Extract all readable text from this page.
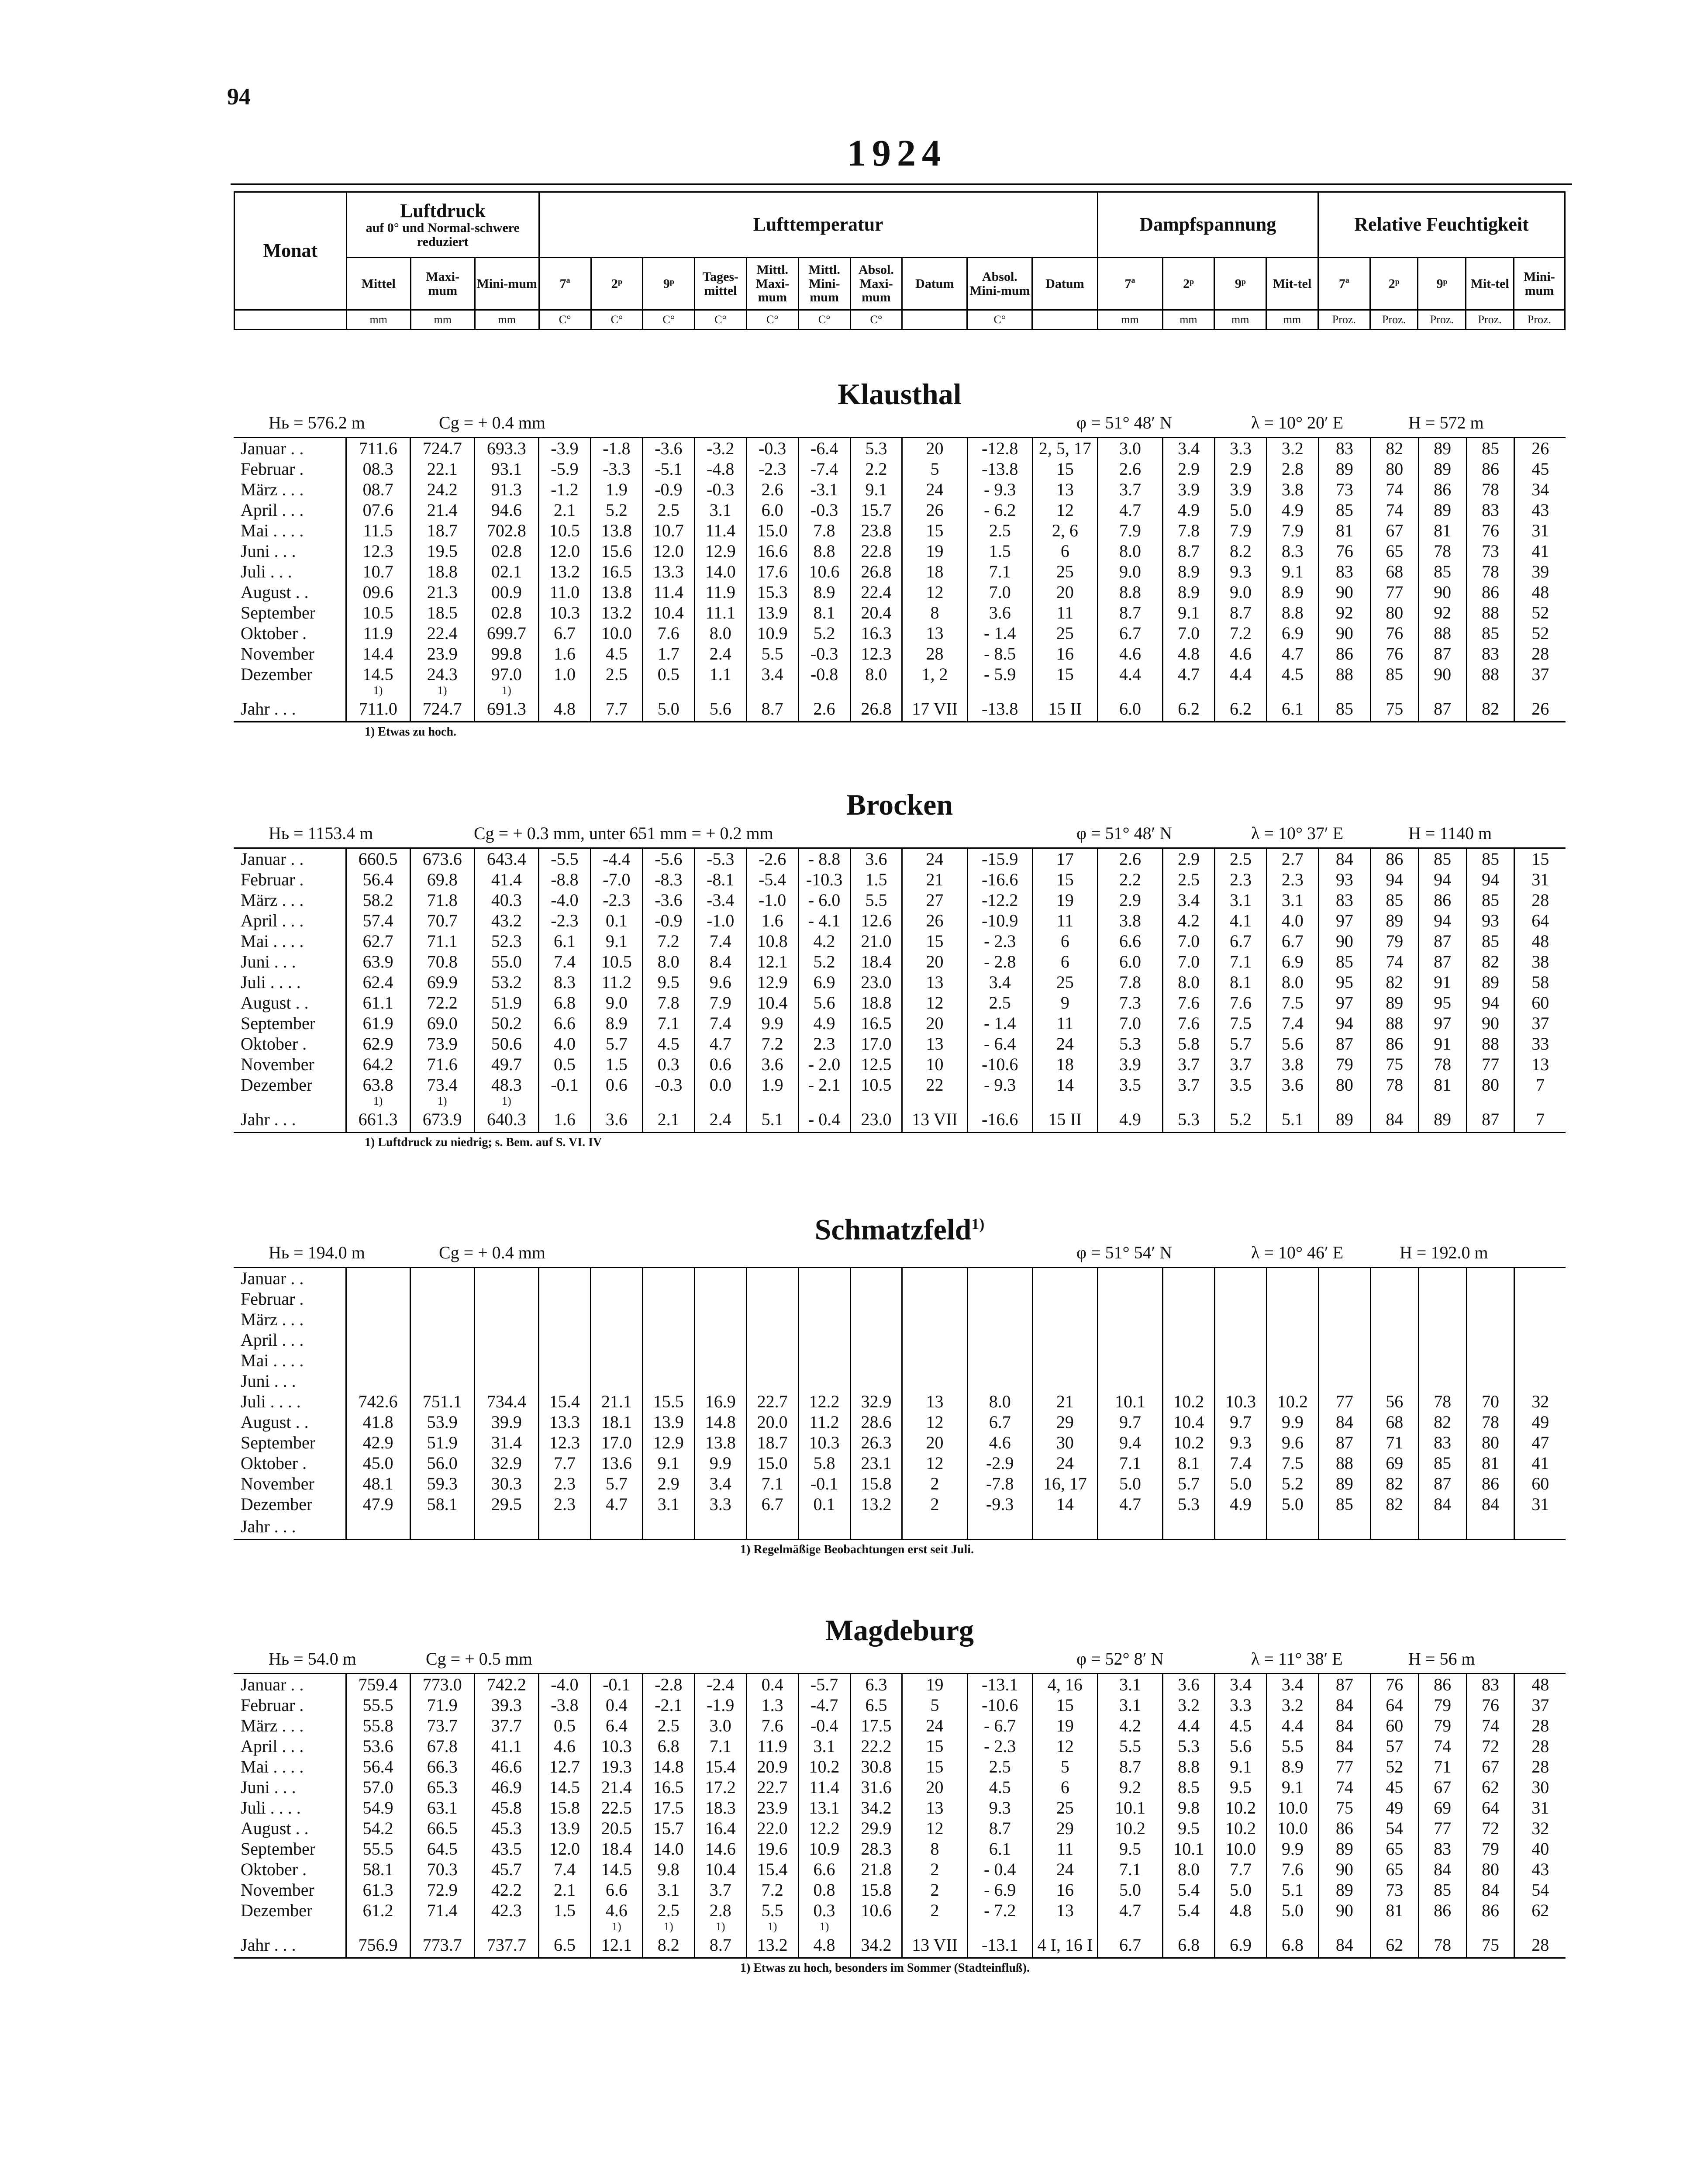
94
1924
Monat	Luftdruck
auf 0° und Normal-schwere reduziert			Lufttemperatur										Dampfspannung				Relative Feuchtigkeit				
	Mittel	Maxi-mum	Mini-mum	7ª	2ᵖ	9ᵖ	Tages-mittel	Mittl. Maxi-mum	Mittl. Mini-mum	Absol. Maxi-mum	Datum	Absol. Mini-mum	Datum	7ª	2ᵖ	9ᵖ	Mit-tel	7ª	2ᵖ	9ᵖ	Mit-tel	Mini-mum
	mm	mm	mm	C°	C°	C°	C°	C°	C°	C°		C°		mm	mm	mm	mm	Proz.	Proz.	Proz.	Proz.	Proz.
Klausthal
Hь = 576.2 m	Cg = + 0.4 mm	φ = 51° 48′ N	λ = 10° 20′ E	H = 572 m
Januar . .	711.6	724.7	693.3	-3.9	-1.8	-3.6	-3.2	-0.3	-6.4	5.3	20	-12.8	2, 5, 17	3.0	3.4	3.3	3.2	83	82	89	85	26
Februar .	08.3	22.1	93.1	-5.9	-3.3	-5.1	-4.8	-2.3	-7.4	2.2	5	-13.8	15	2.6	2.9	2.9	2.8	89	80	89	86	45
März . . .	08.7	24.2	91.3	-1.2	1.9	-0.9	-0.3	2.6	-3.1	9.1	24	- 9.3	13	3.7	3.9	3.9	3.8	73	74	86	78	34
April . . .	07.6	21.4	94.6	2.1	5.2	2.5	3.1	6.0	-0.3	15.7	26	- 6.2	12	4.7	4.9	5.0	4.9	85	74	89	83	43
Mai . . . .	11.5	18.7	702.8	10.5	13.8	10.7	11.4	15.0	7.8	23.8	15	2.5	2, 6	7.9	7.8	7.9	7.9	81	67	81	76	31
Juni . . .	12.3	19.5	02.8	12.0	15.6	12.0	12.9	16.6	8.8	22.8	19	1.5	6	8.0	8.7	8.2	8.3	76	65	78	73	41

Juli . . .	10.7	18.8	02.1	13.2	16.5	13.3	14.0	17.6	10.6	26.8	18	7.1	25	9.0	8.9	9.3	9.1	83	68	85	78	39
August . .	09.6	21.3	00.9	11.0	13.8	11.4	11.9	15.3	8.9	22.4	12	7.0	20	8.8	8.9	9.0	8.9	90	77	90	86	48
September	10.5	18.5	02.8	10.3	13.2	10.4	11.1	13.9	8.1	20.4	8	3.6	11	8.7	9.1	8.7	8.8	92	80	92	88	52
Oktober .	11.9	22.4	699.7	6.7	10.0	7.6	8.0	10.9	5.2	16.3	13	- 1.4	25	6.7	7.0	7.2	6.9	90	76	88	85	52
November	14.4	23.9	99.8	1.6	4.5	1.7	2.4	5.5	-0.3	12.3	28	- 8.5	16	4.6	4.8	4.6	4.7	86	76	87	83	28
Dezember	14.5	24.3	97.0	1.0	2.5	0.5	1.1	3.4	-0.8	8.0	1, 2	- 5.9	15	4.4	4.7	4.4	4.5	88	85	90	88	37
	1)	1)	1)																			
Jahr . . .	711.0	724.7	691.3	4.8	7.7	5.0	5.6	8.7	2.6	26.8	17 VII	-13.8	15 II	6.0	6.2	6.2	6.1	85	75	87	82	26
1) Etwas zu hoch.
Brocken
Hь = 1153.4 m	Cg = + 0.3 mm, unter 651 mm = + 0.2 mm	φ = 51° 48′ N	λ = 10° 37′ E	H = 1140 m
Januar . .	660.5	673.6	643.4	-5.5	-4.4	-5.6	-5.3	-2.6	- 8.8	3.6	24	-15.9	17	2.6	2.9	2.5	2.7	84	86	85	85	15
Februar .	56.4	69.8	41.4	-8.8	-7.0	-8.3	-8.1	-5.4	-10.3	1.5	21	-16.6	15	2.2	2.5	2.3	2.3	93	94	94	94	31
März . . .	58.2	71.8	40.3	-4.0	-2.3	-3.6	-3.4	-1.0	- 6.0	5.5	27	-12.2	19	2.9	3.4	3.1	3.1	83	85	86	85	28
April . . .	57.4	70.7	43.2	-2.3	0.1	-0.9	-1.0	1.6	- 4.1	12.6	26	-10.9	11	3.8	4.2	4.1	4.0	97	89	94	93	64
Mai . . . .	62.7	71.1	52.3	6.1	9.1	7.2	7.4	10.8	4.2	21.0	15	- 2.3	6	6.6	7.0	6.7	6.7	90	79	87	85	48
Juni . . .	63.9	70.8	55.0	7.4	10.5	8.0	8.4	12.1	5.2	18.4	20	- 2.8	6	6.0	7.0	7.1	6.9	85	74	87	82	38

Juli . . . .	62.4	69.9	53.2	8.3	11.2	9.5	9.6	12.9	6.9	23.0	13	3.4	25	7.8	8.0	8.1	8.0	95	82	91	89	58
August . .	61.1	72.2	51.9	6.8	9.0	7.8	7.9	10.4	5.6	18.8	12	2.5	9	7.3	7.6	7.6	7.5	97	89	95	94	60
September	61.9	69.0	50.2	6.6	8.9	7.1	7.4	9.9	4.9	16.5	20	- 1.4	11	7.0	7.6	7.5	7.4	94	88	97	90	37
Oktober .	62.9	73.9	50.6	4.0	5.7	4.5	4.7	7.2	2.3	17.0	13	- 6.4	24	5.3	5.8	5.7	5.6	87	86	91	88	33
November	64.2	71.6	49.7	0.5	1.5	0.3	0.6	3.6	- 2.0	12.5	10	-10.6	18	3.9	3.7	3.7	3.8	79	75	78	77	13
Dezember	63.8	73.4	48.3	-0.1	0.6	-0.3	0.0	1.9	- 2.1	10.5	22	- 9.3	14	3.5	3.7	3.5	3.6	80	78	81	80	7
	1)	1)	1)																			
Jahr . . .	661.3	673.9	640.3	1.6	3.6	2.1	2.4	5.1	- 0.4	23.0	13 VII	-16.6	15 II	4.9	5.3	5.2	5.1	89	84	89	87	7
1) Luftdruck zu niedrig; s. Bem. auf S. VI. IV
Schmatzfeld$^{1)}$
Hь = 194.0 m	Cg = + 0.4 mm	φ = 51° 54′ N	λ = 10° 46′ E	H = 192.0 m
Januar . .																						
Februar .																						
März . . .																						
April . . .																						
Mai . . . .																						
Juni . . .																						

Juli . . . .	742.6	751.1	734.4	15.4	21.1	15.5	16.9	22.7	12.2	32.9	13	8.0	21	10.1	10.2	10.3	10.2	77	56	78	70	32
August . .	41.8	53.9	39.9	13.3	18.1	13.9	14.8	20.0	11.2	28.6	12	6.7	29	9.7	10.4	9.7	9.9	84	68	82	78	49
September	42.9	51.9	31.4	12.3	17.0	12.9	13.8	18.7	10.3	26.3	20	4.6	30	9.4	10.2	9.3	9.6	87	71	83	80	47
Oktober .	45.0	56.0	32.9	7.7	13.6	9.1	9.9	15.0	5.8	23.1	12	-2.9	24	7.1	8.1	7.4	7.5	88	69	85	81	41
November	48.1	59.3	30.3	2.3	5.7	2.9	3.4	7.1	-0.1	15.8	2	-7.8	16, 17	5.0	5.7	5.0	5.2	89	82	87	86	60
Dezember	47.9	58.1	29.5	2.3	4.7	3.1	3.3	6.7	0.1	13.2	2	-9.3	14	4.7	5.3	4.9	5.0	85	82	84	84	31

Jahr . . .																						
1) Regelmäßige Beobachtungen erst seit Juli.
Magdeburg
Hь = 54.0 m	Cg = + 0.5 mm	φ = 52° 8′ N	λ = 11° 38′ E	H = 56 m
Januar . .	759.4	773.0	742.2	-4.0	-0.1	-2.8	-2.4	0.4	-5.7	6.3	19	-13.1	4, 16	3.1	3.6	3.4	3.4	87	76	86	83	48
Februar .	55.5	71.9	39.3	-3.8	0.4	-2.1	-1.9	1.3	-4.7	6.5	5	-10.6	15	3.1	3.2	3.3	3.2	84	64	79	76	37
März . . .	55.8	73.7	37.7	0.5	6.4	2.5	3.0	7.6	-0.4	17.5	24	- 6.7	19	4.2	4.4	4.5	4.4	84	60	79	74	28
April . . .	53.6	67.8	41.1	4.6	10.3	6.8	7.1	11.9	3.1	22.2	15	- 2.3	12	5.5	5.3	5.6	5.5	84	57	74	72	28
Mai . . . .	56.4	66.3	46.6	12.7	19.3	14.8	15.4	20.9	10.2	30.8	15	2.5	5	8.7	8.8	9.1	8.9	77	52	71	67	28
Juni . . .	57.0	65.3	46.9	14.5	21.4	16.5	17.2	22.7	11.4	31.6	20	4.5	6	9.2	8.5	9.5	9.1	74	45	67	62	30

Juli . . . .	54.9	63.1	45.8	15.8	22.5	17.5	18.3	23.9	13.1	34.2	13	9.3	25	10.1	9.8	10.2	10.0	75	49	69	64	31
August . .	54.2	66.5	45.3	13.9	20.5	15.7	16.4	22.0	12.2	29.9	12	8.7	29	10.2	9.5	10.2	10.0	86	54	77	72	32
September	55.5	64.5	43.5	12.0	18.4	14.0	14.6	19.6	10.9	28.3	8	6.1	11	9.5	10.1	10.0	9.9	89	65	83	79	40
Oktober .	58.1	70.3	45.7	7.4	14.5	9.8	10.4	15.4	6.6	21.8	2	- 0.4	24	7.1	8.0	7.7	7.6	90	65	84	80	43
November	61.3	72.9	42.2	2.1	6.6	3.1	3.7	7.2	0.8	15.8	2	- 6.9	16	5.0	5.4	5.0	5.1	89	73	85	84	54
Dezember	61.2	71.4	42.3	1.5	4.6	2.5	2.8	5.5	0.3	10.6	2	- 7.2	13	4.7	5.4	4.8	5.0	90	81	86	86	62
					1)	1)	1)	1)	1)													
Jahr . . .	756.9	773.7	737.7	6.5	12.1	8.2	8.7	13.2	4.8	34.2	13 VII	-13.1	4 I, 16 I	6.7	6.8	6.9	6.8	84	62	78	75	28
1) Etwas zu hoch, besonders im Sommer (Stadteinfluß).
